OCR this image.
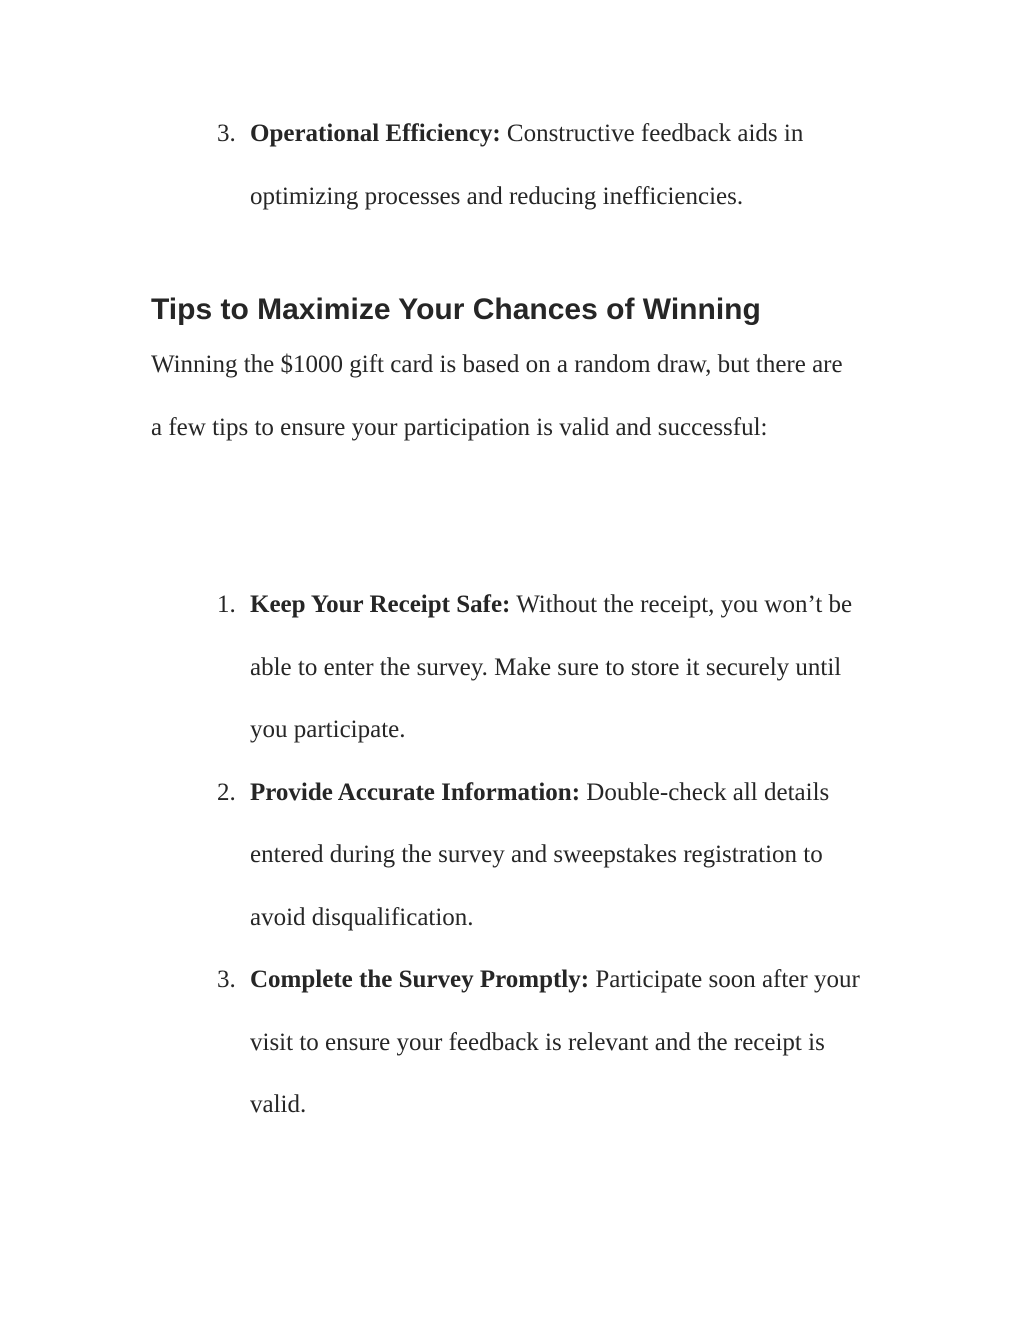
3. Operational Efficiency: Constructive feedback aids in optimizing processes and reducing inefficiencies.
Tips to Maximize Your Chances of Winning

Winning the $1000 gift card is based on a random draw, but there are a few tips to ensure your participation is valid and successful:

1. Keep Your Receipt Safe: Without the receipt, you won’t be able to enter the survey. Make sure to store it securely until you participate.
2. Provide Accurate Information: Double-check all details entered during the survey and sweepstakes registration to avoid disqualification.
3. Complete the Survey Promptly: Participate soon after your visit to ensure your feedback is relevant and the receipt is valid.
